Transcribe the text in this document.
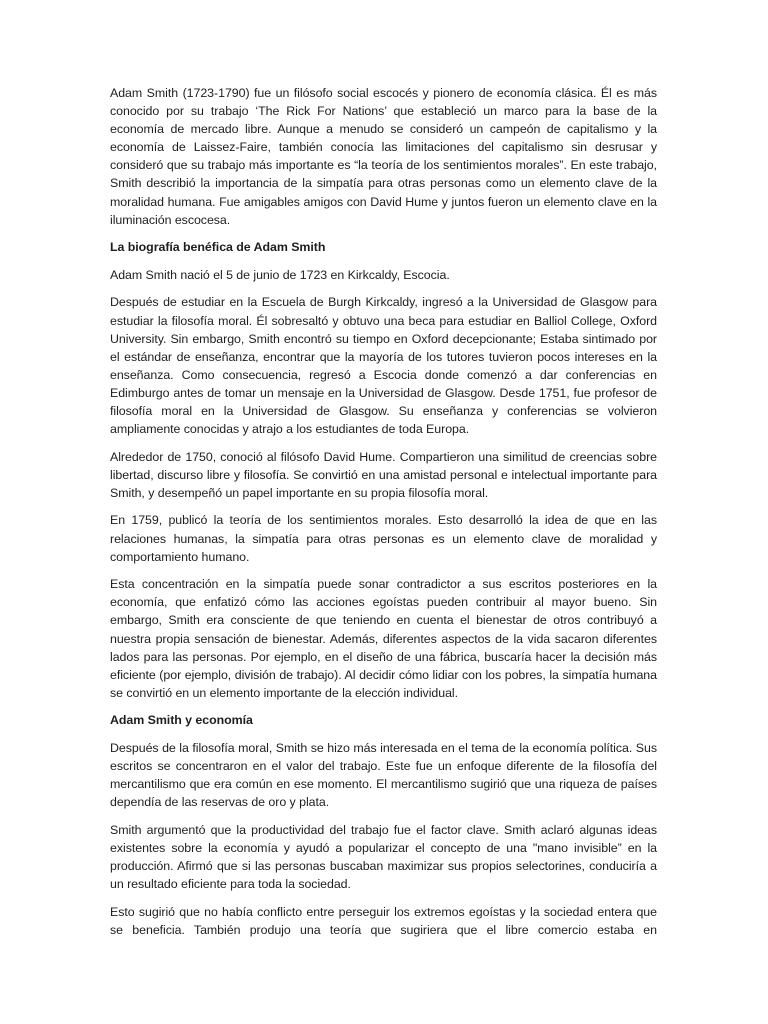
Adam Smith (1723-1790) fue un filósofo social escocés y pionero de economía clásica. Él es más conocido por su trabajo ‘The Rick For Nations’ que estableció un marco para la base de la economía de mercado libre. Aunque a menudo se consideró un campeón de capitalismo y la economía de Laissez-Faire, también conocía las limitaciones del capitalismo sin desrusar y consideró que su trabajo más importante es “la teoría de los sentimientos morales”. En este trabajo, Smith describió la importancia de la simpatía para otras personas como un elemento clave de la moralidad humana. Fue amigables amigos con David Hume y juntos fueron un elemento clave en la iluminación escocesa.

La biografía benéfica de Adam Smith

Adam Smith nació el 5 de junio de 1723 en Kirkcaldy, Escocia.

Después de estudiar en la Escuela de Burgh Kirkcaldy, ingresó a la Universidad de Glasgow para estudiar la filosofía moral. Él sobresaltó y obtuvo una beca para estudiar en Balliol College, Oxford University. Sin embargo, Smith encontró su tiempo en Oxford decepcionante; Estaba sintimado por el estándar de enseñanza, encontrar que la mayoría de los tutores tuvieron pocos intereses en la enseñanza. Como consecuencia, regresó a Escocia donde comenzó a dar conferencias en Edimburgo antes de tomar un mensaje en la Universidad de Glasgow. Desde 1751, fue profesor de filosofía moral en la Universidad de Glasgow. Su enseñanza y conferencias se volvieron ampliamente conocidas y atrajo a los estudiantes de toda Europa.

Alrededor de 1750, conoció al filósofo David Hume. Compartieron una similitud de creencias sobre libertad, discurso libre y filosofía. Se convirtió en una amistad personal e intelectual importante para Smith, y desempeñó un papel importante en su propia filosofía moral.

En 1759, publicó la teoría de los sentimientos morales. Esto desarrolló la idea de que en las relaciones humanas, la simpatía para otras personas es un elemento clave de moralidad y comportamiento humano.

Esta concentración en la simpatía puede sonar contradictor a sus escritos posteriores en la economía, que enfatizó cómo las acciones egoístas pueden contribuir al mayor bueno. Sin embargo, Smith era consciente de que teniendo en cuenta el bienestar de otros contribuyó a nuestra propia sensación de bienestar. Además, diferentes aspectos de la vida sacaron diferentes lados para las personas. Por ejemplo, en el diseño de una fábrica, buscaría hacer la decisión más eficiente (por ejemplo, división de trabajo). Al decidir cómo lidiar con los pobres, la simpatía humana se convirtió en un elemento importante de la elección individual.

Adam Smith y economía

Después de la filosofía moral, Smith se hizo más interesada en el tema de la economía política. Sus escritos se concentraron en el valor del trabajo. Este fue un enfoque diferente de la filosofía del mercantilismo que era común en ese momento. El mercantilismo sugirió que una riqueza de países dependía de las reservas de oro y plata.

Smith argumentó que la productividad del trabajo fue el factor clave. Smith aclaró algunas ideas existentes sobre la economía y ayudó a popularizar el concepto de una "mano invisible” en la producción. Afirmó que si las personas buscaban maximizar sus propios selectorines, conduciría a un resultado eficiente para toda la sociedad.

Esto sugirió que no había conflicto entre perseguir los extremos egoístas y la sociedad entera que se beneficia. También produjo una teoría que sugiriera que el libre comercio estaba en
